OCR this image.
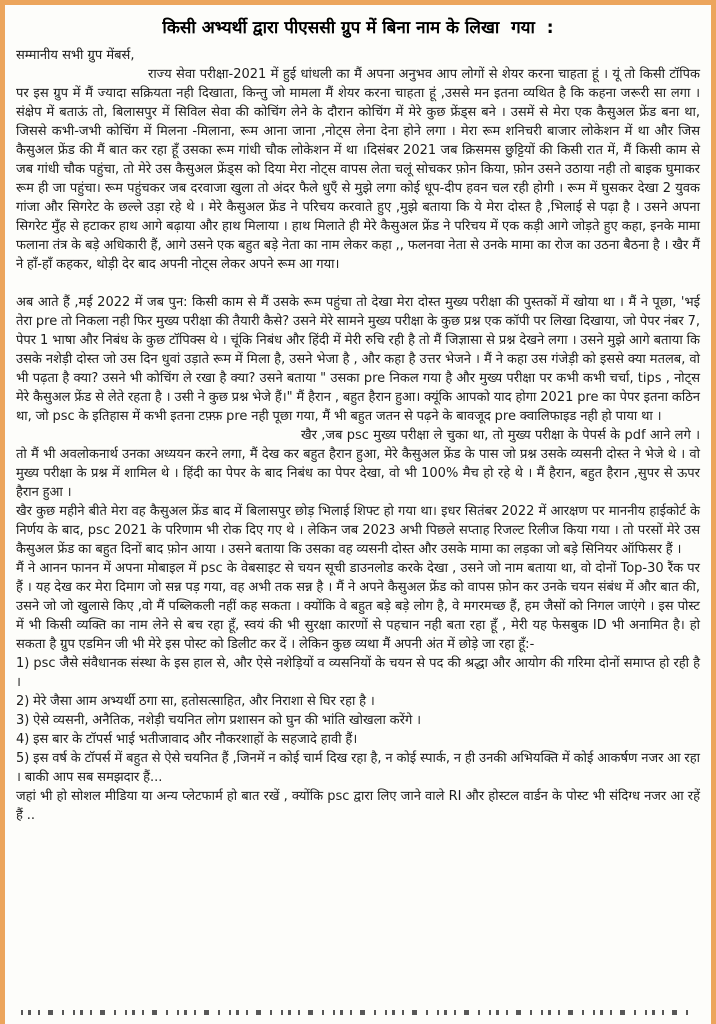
किसी अभ्यर्थी द्वारा पीएससी ग्रुप में बिना नाम के लिखा  गया  :

सम्मानीय सभी ग्रुप मेंबर्स,

राज्य सेवा परीक्षा-2021 में हुई धांधली का मैं अपना अनुभव आप लोगों से शेयर करना चाहता हूं । यूं तो किसी टॉपिक पर इस ग्रुप में मैं ज्यादा सक्रियता नही दिखाता, किन्तु जो मामला मैं शेयर करना चाहता हूं ,उससे मन इतना व्यथित है कि कहना जरूरी सा लगा । संक्षेप में बताऊं तो, बिलासपुर में सिविल सेवा की कोचिंग लेने के दौरान कोचिंग में मेरे कुछ फ्रेंड्स बने । उसमें से मेरा एक कैसुअल फ्रेंड बना था, जिससे कभी-जभी कोचिंग में मिलना -मिलाना, रूम आना जाना ,नोट्स लेना देना होने लगा । मेरा रूम शनिचरी बाजार लोकेशन में था और जिस कैसुअल फ्रेंड की मैं बात कर रहा हूँ उसका रूम गांधी चौक लोकेशन में था ।दिसंबर 2021 जब क्रिसमस छुट्टियों की किसी रात में, मैं किसी काम से जब गांधी चौक पहुंचा, तो मेरे उस कैसुअल फ्रेंड्स को दिया मेरा नोट्स वापस लेता चलूं सोचकर फ़ोन किया, फ़ोन उसने उठाया नही तो बाइक घुमाकर रूम ही जा पहुंचा। रूम पहुंचकर जब दरवाजा खुला तो अंदर फैले धुएँ से मुझे लगा कोई धूप-दीप हवन चल रही होगी । रूम में घुसकर देखा 2 युवक गांजा और सिगरेट के छल्ले उड़ा रहे थे । मेरे कैसुअल फ्रेंड ने परिचय करवाते हुए ,मुझे बताया कि ये मेरा दोस्त है ,भिलाई से पढ़ा है । उसने अपना सिगरेट मुँह से हटाकर हाथ आगे बढ़ाया और हाथ मिलाया । हाथ मिलाते ही मेरे कैसुअल फ्रेंड ने परिचय में एक कड़ी आगे जोड़ते हुए कहा, इनके मामा फलाना तंत्र के बड़े अधिकारी हैं, आगे उसने एक बहुत बड़े नेता का नाम लेकर कहा ,, फलनवा नेता से उनके मामा का रोज का उठना बैठना है । खैर मैं ने हाँ-हाँ कहकर, थोड़ी देर बाद अपनी नोट्स लेकर अपने रूम आ गया।

अब आते हैं ,मई 2022 में जब पुन: किसी काम से मैं उसके रूम पहुंचा तो देखा मेरा दोस्त मुख्य परीक्षा की पुस्तकों में खोया था । मैं ने पूछा, 'भई तेरा pre तो निकला नही फिर मुख्य परीक्षा की तैयारी कैसे? उसने मेरे सामने मुख्य परीक्षा के कुछ प्रश्न एक कॉपी पर लिखा दिखाया, जो पेपर नंबर 7, पेपर 1 भाषा और निबंध के कुछ टॉपिक्स थे । चूंकि निबंध और हिंदी में मेरी रुचि रही है तो मैं जिज्ञासा से प्रश्न देखने लगा । उसने मुझे आगे बताया कि उसके नशेड़ी दोस्त जो उस दिन धुवां उड़ाते रूम में मिला है, उसने भेजा है , और कहा है उत्तर भेजने । मैं ने कहा उस गंजेड़ी को इससे क्या मतलब, वो भी पढ़ता है क्या? उसने भी कोचिंग ले रखा है क्या? उसने बताया " उसका pre निकल गया है और मुख्य परीक्षा पर कभी कभी चर्चा, tips , नोट्स मेरे कैसुअल फ्रेंड से लेते रहता है । उसी ने कुछ प्रश्न भेजे हैं।" मैं हैरान , बहुत हैरान हुआ। क्यूंकि आपको याद होगा 2021 pre का पेपर इतना कठिन था, जो psc के इतिहास में कभी इतना टफ़्फ़ pre नही पूछा गया, मैं भी बहुत जतन से पढ़ने के बावजूद pre क्वालिफाइड नही हो पाया था ।

खैर ,जब psc मुख्य परीक्षा ले चुका था, तो मुख्य परीक्षा के पेपर्स के pdf आने लगे । तो मैं भी अवलोकनार्थ उनका अध्ययन करने लगा, मैं देख कर बहुत हैरान हुआ, मेरे कैसुअल फ्रेंड के पास जो प्रश्न उसके व्यसनी दोस्त ने भेजे थे । वो मुख्य परीक्षा के प्रश्न में शामिल थे । हिंदी का पेपर के बाद निबंध का पेपर देखा, वो भी 100% मैच हो रहे थे । मैं हैरान, बहुत हैरान ,सुपर से ऊपर हैरान हुआ ।

खैर कुछ महीने बीते मेरा वह कैसुअल फ्रेंड बाद में बिलासपुर छोड़ भिलाई शिफ्ट हो गया था। इधर सितंबर 2022 में आरक्षण पर माननीय हाईकोर्ट के निर्णय के बाद, psc 2021 के परिणाम भी रोक दिए गए थे । लेकिन जब 2023 अभी पिछले सप्ताह रिजल्ट रिलीज किया गया । तो परसों मेरे उस कैसुअल फ्रेंड का बहुत दिनों बाद फ़ोन आया । उसने बताया कि उसका वह व्यसनी दोस्त और उसके मामा का लड़का जो बड़े सिनियर ऑफिसर हैं ।

मैं ने आनन फानन में अपना मोबाइल में psc के वेबसाइट से चयन सूची डाउनलोड करके देखा , उसने जो नाम बताया था, वो दोनों Top-30 रैंक पर हैं । यह देख कर मेरा दिमाग जो सन्न पड़ गया, वह अभी तक सन्न है । मैं ने अपने कैसुअल फ्रेंड को वापस फ़ोन कर उनके चयन संबंध में और बात की, उसने जो जो खुलासे किए ,वो मैं पब्लिकली नहीं कह सकता । क्योंकि वे बहुत बड़े बड़े लोग है, वे मगरमच्छ हैं, हम जैसों को निगल जाएंगे । इस पोस्ट में भी किसी व्यक्ति का नाम लेने से बच रहा हूँ, स्वयं की भी सुरक्षा कारणों से पहचान नही बता रहा हूँ , मेरी यह फेसबुक ID भी अनामित है। हो सकता है ग्रुप एडमिन जी भी मेरे इस पोस्ट को डिलीट कर दें । लेकिन कुछ व्यथा मैं अपनी अंत में छोड़े जा रहा हूँ:-

1) psc जैसे संवैधानक संस्था के इस हाल से, और ऐसे नशेड़ियों व व्यसनियों के चयन से पद की श्रद्धा और आयोग की गरिमा दोनों समाप्त हो रही है ।

2) मेरे जैसा आम अभ्यर्थी ठगा सा, हतोसत्साहित, और निराशा से घिर रहा है ।

3) ऐसे व्यसनी, अनैतिक, नशेड़ी चयनित लोग प्रशासन को घुन की भांति खोखला करेंगे ।

4) इस बार के टॉपर्स भाई भतीजावाद और नौकरशाहों के सहजादे हावी हैं।

5) इस वर्ष के टॉपर्स में बहुत से ऐसे चयनित हैं ,जिनमें न कोई चार्म दिख रहा है, न कोई स्पार्क, न ही उनकी अभियक्ति में कोई आकर्षण नजर आ रहा । बाकी आप सब समझदार हैं...

जहां भी हो सोशल मीडिया या अन्य प्लेटफार्म हो बात रखें , क्योंकि psc द्वारा लिए जाने वाले RI और होस्टल वार्डन के पोस्ट भी संदिग्ध नजर आ रहें हैं ..
